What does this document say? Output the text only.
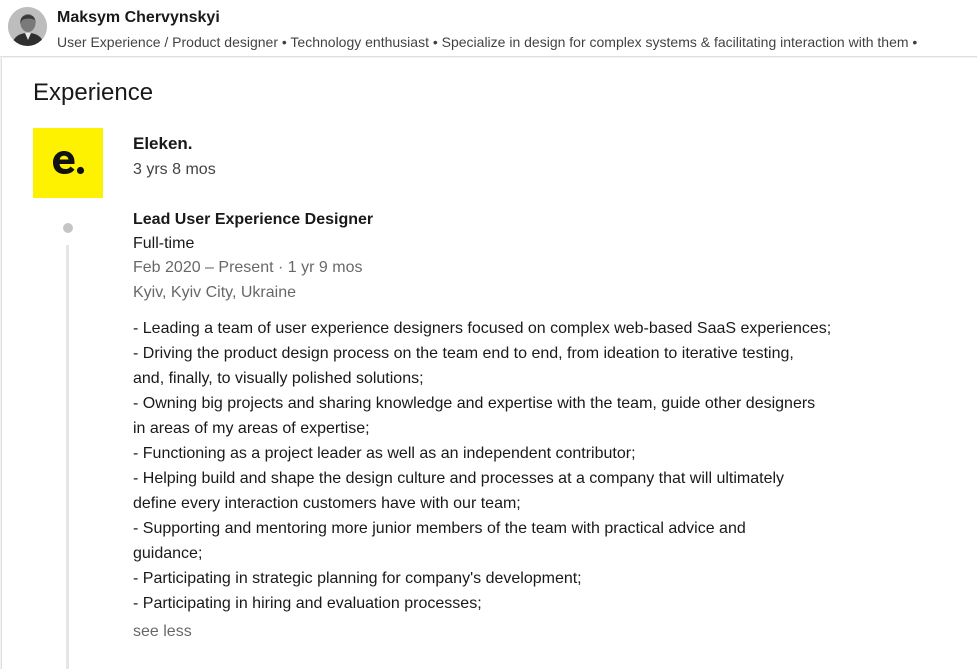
Maksym Chervynskyi
User Experience / Product designer • Technology enthusiast • Specialize in design for complex systems & facilitating interaction with them •
Experience
Eleken.
3 yrs 8 mos
Lead User Experience Designer
Full-time
Feb 2020 – Present · 1 yr 9 mos
Kyiv, Kyiv City, Ukraine
- Leading a team of user experience designers focused on complex web-based SaaS experiences;
- Driving the product design process on the team end to end, from ideation to iterative testing,
and, finally, to visually polished solutions;
- Owning big projects and sharing knowledge and expertise with the team, guide other designers
in areas of my areas of expertise;
- Functioning as a project leader as well as an independent contributor;
- Helping build and shape the design culture and processes at a company that will ultimately
define every interaction customers have with our team;
- Supporting and mentoring more junior members of the team with practical advice and
guidance;
- Participating in strategic planning for company's development;
- Participating in hiring and evaluation processes;
see less
